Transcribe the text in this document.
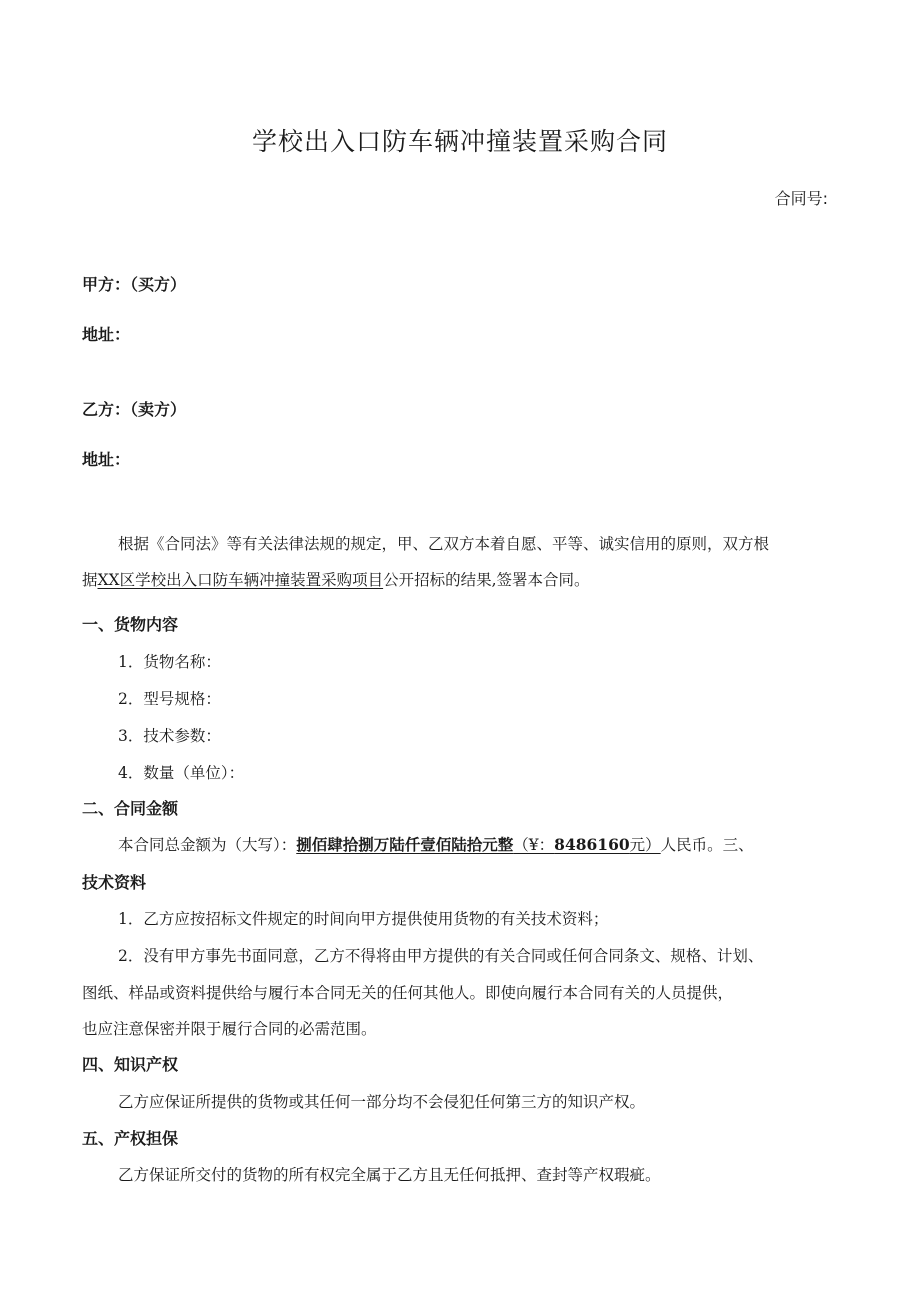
学校出入口防车辆冲撞装置采购合同
合同号:
甲方：（买方）
地址：
乙方：（卖方）
地址：
根据《合同法》等有关法律法规的规定，甲、乙双方本着自愿、平等、诚实信用的原则，双方根
据XX区学校出入口防车辆冲撞装置采购项目公开招标的结果,签署本合同。
一、货物内容
1．货物名称：
2．型号规格：
3．技术参数：
4．数量（单位）：
二、合同金额
本合同总金额为（大写）：捌佰肆拾捌万陆仟壹佰陆拾元整（¥：8486160元）人民币。三、
技术资料
1．乙方应按招标文件规定的时间向甲方提供使用货物的有关技术资料；
2．没有甲方事先书面同意，乙方不得将由甲方提供的有关合同或任何合同条文、规格、计划、
图纸、样品或资料提供给与履行本合同无关的任何其他人。即使向履行本合同有关的人员提供，
也应注意保密并限于履行合同的必需范围。
四、知识产权
乙方应保证所提供的货物或其任何一部分均不会侵犯任何第三方的知识产权。
五、产权担保
乙方保证所交付的货物的所有权完全属于乙方且无任何抵押、查封等产权瑕疵。
